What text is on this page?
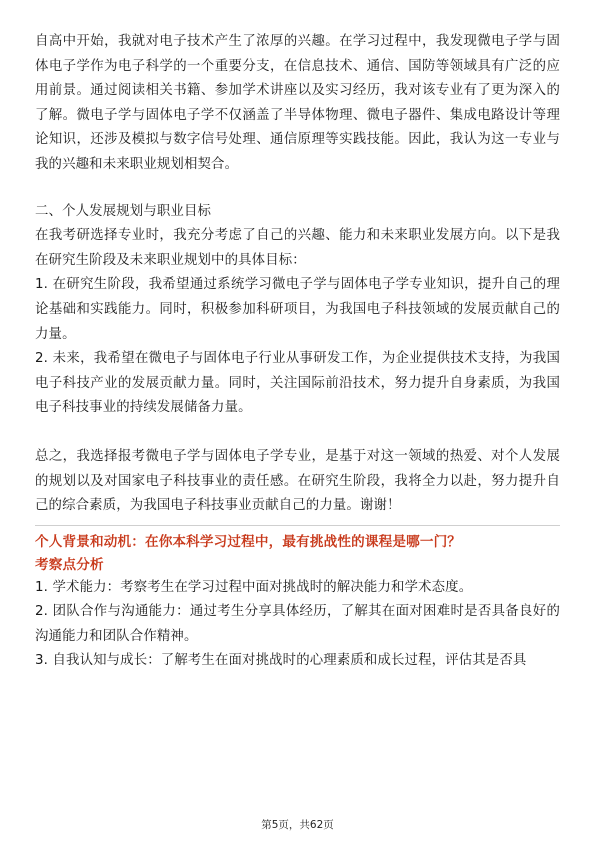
自高中开始，我就对电子技术产生了浓厚的兴趣。在学习过程中，我发现微电子学与固体电子学作为电子科学的一个重要分支，在信息技术、通信、国防等领域具有广泛的应用前景。通过阅读相关书籍、参加学术讲座以及实习经历，我对该专业有了更为深入的了解。微电子学与固体电子学不仅涵盖了半导体物理、微电子器件、集成电路设计等理论知识，还涉及模拟与数字信号处理、通信原理等实践技能。因此，我认为这一专业与我的兴趣和未来职业规划相契合。

二、个人发展规划与职业目标

在我考研选择专业时，我充分考虑了自己的兴趣、能力和未来职业发展方向。以下是我在研究生阶段及未来职业规划中的具体目标：

1. 在研究生阶段，我希望通过系统学习微电子学与固体电子学专业知识，提升自己的理论基础和实践能力。同时，积极参加科研项目，为我国电子科技领域的发展贡献自己的力量。

2. 未来，我希望在微电子与固体电子行业从事研发工作，为企业提供技术支持，为我国电子科技产业的发展贡献力量。同时，关注国际前沿技术，努力提升自身素质，为我国电子科技事业的持续发展储备力量。

总之，我选择报考微电子学与固体电子学专业，是基于对这一领域的热爱、对个人发展的规划以及对国家电子科技事业的责任感。在研究生阶段，我将全力以赴，努力提升自己的综合素质，为我国电子科技事业贡献自己的力量。谢谢！

个人背景和动机：在你本科学习过程中，最有挑战性的课程是哪一门？

考察点分析

1. 学术能力：考察考生在学习过程中面对挑战时的解决能力和学术态度。

2. 团队合作与沟通能力：通过考生分享具体经历，了解其在面对困难时是否具备良好的沟通能力和团队合作精神。

3. 自我认知与成长：了解考生在面对挑战时的心理素质和成长过程，评估其是否具

第5页，共62页
